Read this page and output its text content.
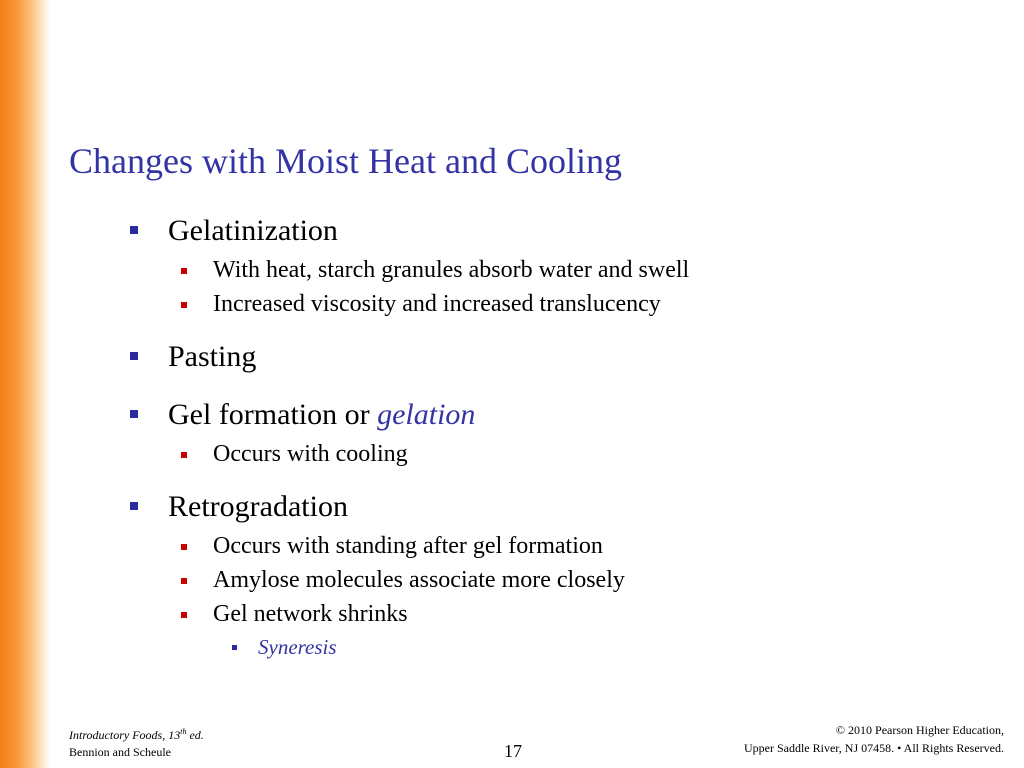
Changes with Moist Heat and Cooling
Gelatinization
With heat, starch granules absorb water and swell
Increased viscosity and increased translucency
Pasting
Gel formation or gelation
Occurs with cooling
Retrogradation
Occurs with standing after gel formation
Amylose molecules associate more closely
Gel network shrinks
Syneresis
Introductory Foods, 13th ed.
Bennion and Scheule	17
© 2010 Pearson Higher Education,
Upper Saddle River, NJ 07458. • All Rights Reserved.
